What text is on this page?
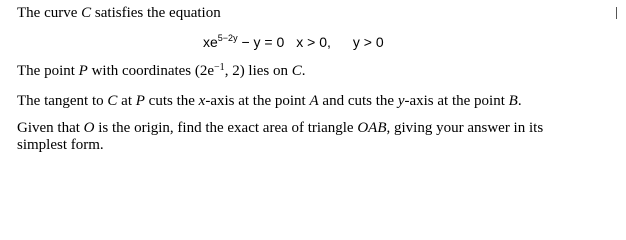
The curve C satisfies the equation
$xe^{5-2y} - y = 0$ x > 0, y > 0
The point P with coordinates ($2e^{-1}$, 2) lies on C.
The tangent to C at P cuts the x-axis at the point A and cuts the y-axis at the point B.
Given that O is the origin, find the exact area of triangle OAB, giving your answer in its
simplest form.
